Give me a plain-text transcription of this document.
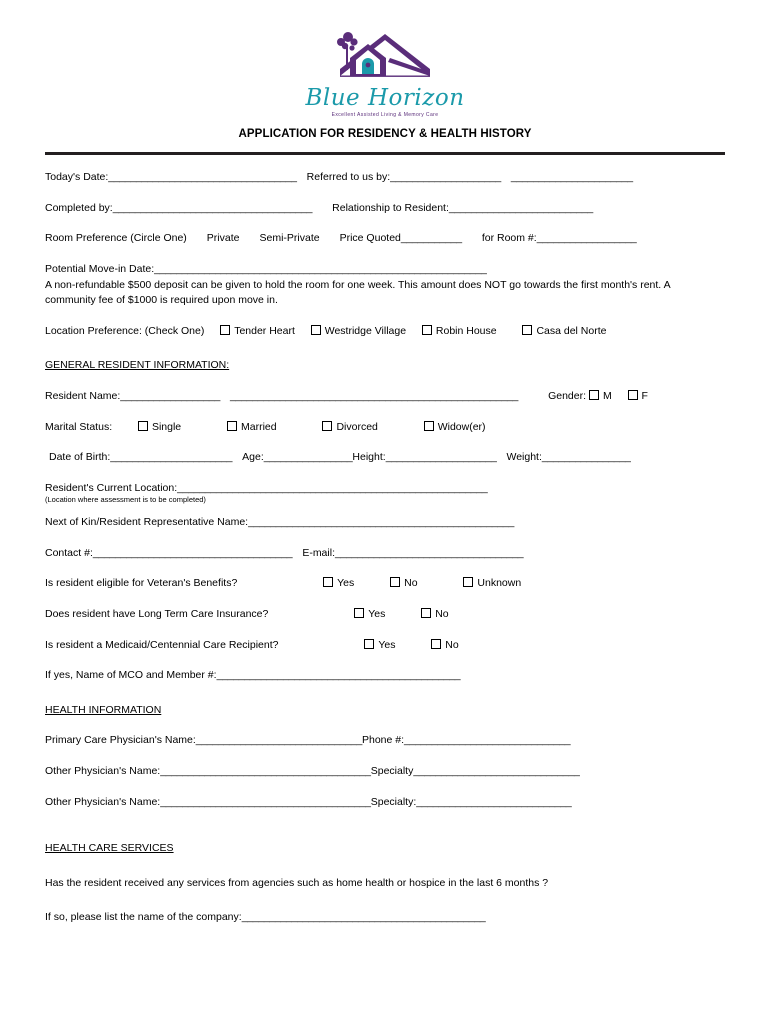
Blue Horizon
Excellent Assisted Living & Memory Care
APPLICATION FOR RESIDENCY & HEALTH HISTORY
Today's Date:__________________________________ Referred to us by:____________________ ______________________
Completed by:____________________________________ Relationship to Resident:__________________________
Room Preference (Circle One) Private Semi-Private Price Quoted___________ for Room #:__________________
Potential Move-in Date:____________________________________________________________
A non-refundable $500 deposit can be given to hold the room for one week. This amount does NOT go towards the first month's rent. A community fee of $1000 is required upon move in.
Location Preference: (Check One)	Tender Heart	Westridge Village	Robin House	Casa del Norte
GENERAL RESIDENT INFORMATION:
Resident Name:__________________ ____________________________________________________	Gender: M	F
Marital Status:	Single	Married	Divorced	Widow(er)
Date of Birth:______________________ Age:________________Height:____________________ Weight:________________
Resident's Current Location:________________________________________________________
(Location where assessment is to be completed)
Next of Kin/Resident Representative Name:________________________________________________
Contact #:____________________________________ E-mail:__________________________________
Is resident eligible for Veteran's Benefits?	Yes	No	Unknown
Does resident have Long Term Care Insurance?	Yes	No
Is resident a Medicaid/Centennial Care Recipient?	Yes	No
If yes, Name of MCO and Member #:____________________________________________
HEALTH INFORMATION
Primary Care Physician's Name:______________________________Phone #:______________________________
Other Physician's Name:______________________________________Specialty______________________________
Other Physician's Name:______________________________________Specialty:____________________________
HEALTH CARE SERVICES
Has the resident received any services from agencies such as home health or hospice in the last 6 months ?
If so, please list the name of the company:____________________________________________
